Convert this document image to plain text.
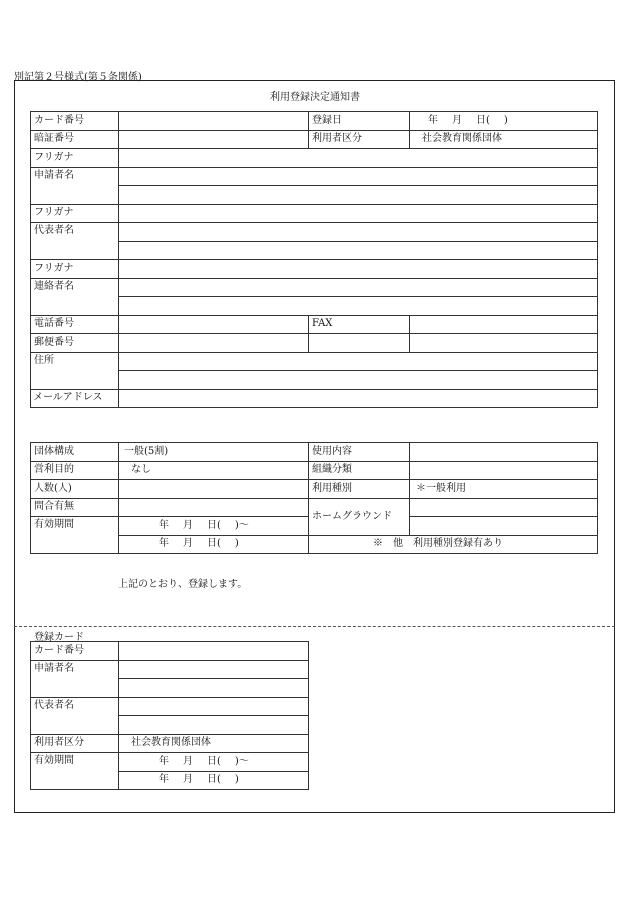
別記第２号様式(第５条関係)
利用登録決定通知書
カード番号		登録日	年 月 日( )
暗証番号		利用者区分	社会教育関係団体
フリガナ			
申請者名			

フリガナ			
代表者名			

フリガナ			
連絡者名			

電話番号		FAX	
郵便番号			
住所			

メールアドレス			
団体構成	一般(5割)	使用内容	
営利目的	なし	組織分類	
人数(人)		利用種別	＊一般利用
問合有無		ホームグラウンド	
有効期間	年 月 日( )～		
	年 月 日( )	※　他　利用種別登録有あり	
上記のとおり、登録します。
登録カード
カード番号	
申請者名	

代表者名	

利用者区分	社会教育関係団体
有効期間	年 月 日( )～
	年 月 日( )
